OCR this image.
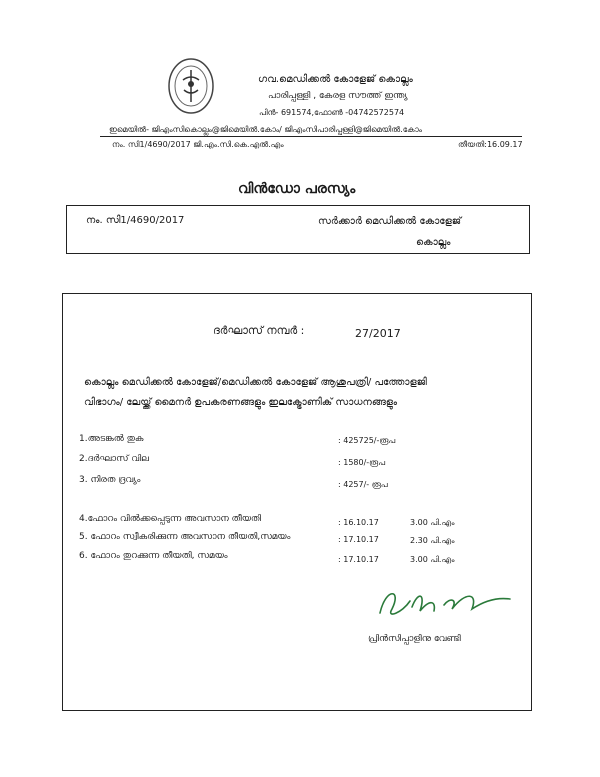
ഗവ.മെഡിക്കൽ കോളേജ് കൊല്ലം
പാരിപ്പള്ളി , കേരള സൗത്ത് ഇന്ത്യ
പിൻ- 691574,ഫോൺ -04742572574
ഇമെയിൽ- ജിഎംസികൊല്ലം@ജിമെയിൽ.കോം/ ജിഎംസിപാരിപ്പള്ളി@ജിമെയിൽ.കോം
നം. സി1/4690/2017 ജി.എം.സി.കെ.എൽ.എം	തീയതി:16.09.17
വിൻഡോ പരസ്യം
നം. സി1/4690/2017	സർക്കാർ മെഡിക്കൽ കോളേജ്
കൊല്ലം
ദർഘാസ് നമ്പർ :	27/2017
കൊല്ലം മെഡിക്കൽ കോളേജ്/മെഡിക്കൽ കോളേജ് ആശുപത്രി/ പത്തോളജി
വിഭാഗം/ ലേയ്ക്ക് മൈനർ ഉപകരണങ്ങളും ഇലക്ട്രോണിക് സാധനങ്ങളും
1.അടങ്കൽ തുക	: 425725/-രൂപ
2.ദർഘാസ് വില	: 1580/-രൂപ
3. നിരത ദ്രവ്യം	: 4257/- രൂപ
4.ഫോറം വിൽക്കപ്പെടുന്ന അവസാന തീയതി	: 16.10.17	3.00 പി.എം
5. ഫോറം സ്വീകരിക്കുന്ന അവസാന തീയതി,സമയം	: 17.10.17	2.30 പി.എം
6. ഫോറം തുറക്കുന്ന തീയതി, സമയം	: 17.10.17	3.00 പി.എം
പ്രിൻസിപ്പാളിനു വേണ്ടി
